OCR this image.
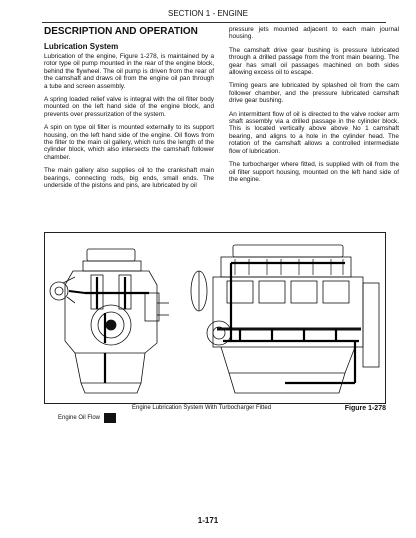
SECTION 1 - ENGINE
DESCRIPTION AND OPERATION
Lubrication System

Lubrication of the engine, Figure 1-278, is maintained by a rotor type oil pump mounted in the rear of the engine block, behind the flywheel. The oil pump is driven from the rear of the camshaft and draws oil from the engine oil pan through a tube and screen assembly.

A spring loaded relief valve is integral with the oil filter body mounted on the left hand side of the engine block, and prevents over pressurization of the system.

A spin on type oil filter is mounted externally to its support housing, on the left hand side of the engine. Oil flows from the filter to the main oil gallery, which runs the length of the cylinder block, which also intersects the camshaft follower chamber.

The main gallery also supplies oil to the crankshaft main bearings, connecting rods, big ends, small ends. The underside of the pistons and pins, are lubricated by oil

pressure jets mounted adjacent to each main journal housing.

The camshaft drive gear bushing is pressure lubricated through a drilled passage from the front main bearing. The gear has small oil passages machined on both sides allowing excess oil to escape.

Timing gears are lubricated by splashed oil from the cam follower chamber, and the pressure lubricated camshaft drive gear bushing.

An intermittent flow of oil is directed to the valve rocker arm shaft assembly via a drilled passage in the cylinder block. This is located vertically above above No 1 camshaft bearing, and aligns to a hole in the cylinder head. The rotation of the camshaft allows a controlled intermediate flow of lubrication.

The turbocharger where fitted, is supplied with oil from the oil filter support housing, mounted on the left hand side of the engine.

Engine Lubrication System With Turbocharger Fitted	Figure 1-278
Engine Oil Flow
1-171
